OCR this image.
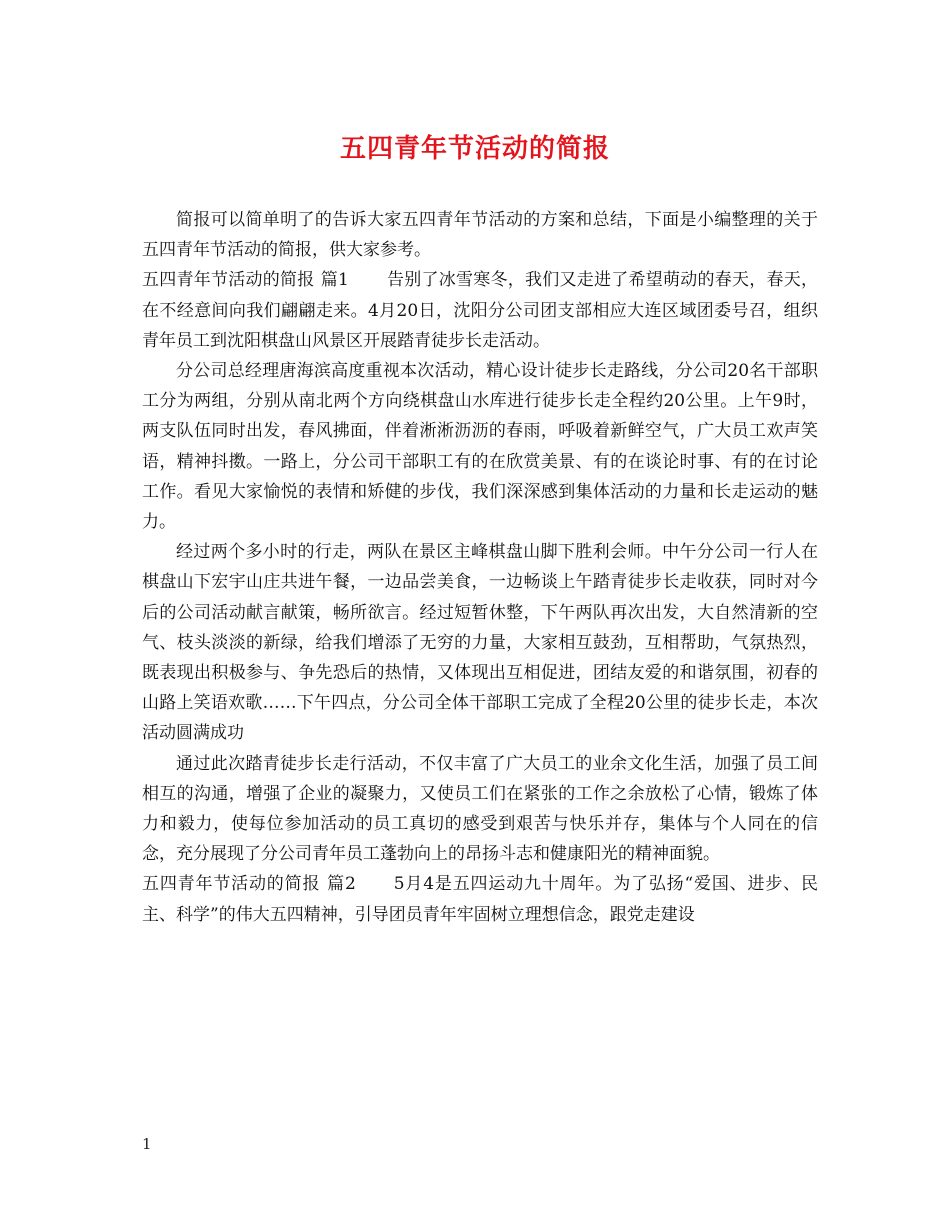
五四青年节活动的简报

简报可以简单明了的告诉大家五四青年节活动的方案和总结，下面是小编整理的关于五四青年节活动的简报，供大家参考。

五四青年节活动的简报 篇1 告别了冰雪寒冬，我们又走进了希望萌动的春天，春天，在不经意间向我们翩翩走来。4月20日，沈阳分公司团支部相应大连区域团委号召，组织青年员工到沈阳棋盘山风景区开展踏青徒步长走活动。

分公司总经理唐海滨高度重视本次活动，精心设计徒步长走路线，分公司20名干部职工分为两组，分别从南北两个方向绕棋盘山水库进行徒步长走全程约20公里。上午9时，两支队伍同时出发，春风拂面，伴着淅淅沥沥的春雨，呼吸着新鲜空气，广大员工欢声笑语，精神抖擞。一路上，分公司干部职工有的在欣赏美景、有的在谈论时事、有的在讨论工作。看见大家愉悦的表情和矫健的步伐，我们深深感到集体活动的力量和长走运动的魅力。

经过两个多小时的行走，两队在景区主峰棋盘山脚下胜利会师。中午分公司一行人在棋盘山下宏宇山庄共进午餐，一边品尝美食，一边畅谈上午踏青徒步长走收获，同时对今后的公司活动献言献策，畅所欲言。经过短暂休整，下午两队再次出发，大自然清新的空气、枝头淡淡的新绿，给我们增添了无穷的力量，大家相互鼓劲，互相帮助，气氛热烈，既表现出积极参与、争先恐后的热情，又体现出互相促进，团结友爱的和谐氛围，初春的山路上笑语欢歌……下午四点，分公司全体干部职工完成了全程20公里的徒步长走，本次活动圆满成功

通过此次踏青徒步长走行活动，不仅丰富了广大员工的业余文化生活，加强了员工间相互的沟通，增强了企业的凝聚力，又使员工们在紧张的工作之余放松了心情，锻炼了体力和毅力，使每位参加活动的员工真切的感受到艰苦与快乐并存，集体与个人同在的信念，充分展现了分公司青年员工蓬勃向上的昂扬斗志和健康阳光的精神面貌。

五四青年节活动的简报 篇2 5月4是五四运动九十周年。为了弘扬“爱国、进步、民主、科学”的伟大五四精神，引导团员青年牢固树立理想信念，跟党走建设

1
